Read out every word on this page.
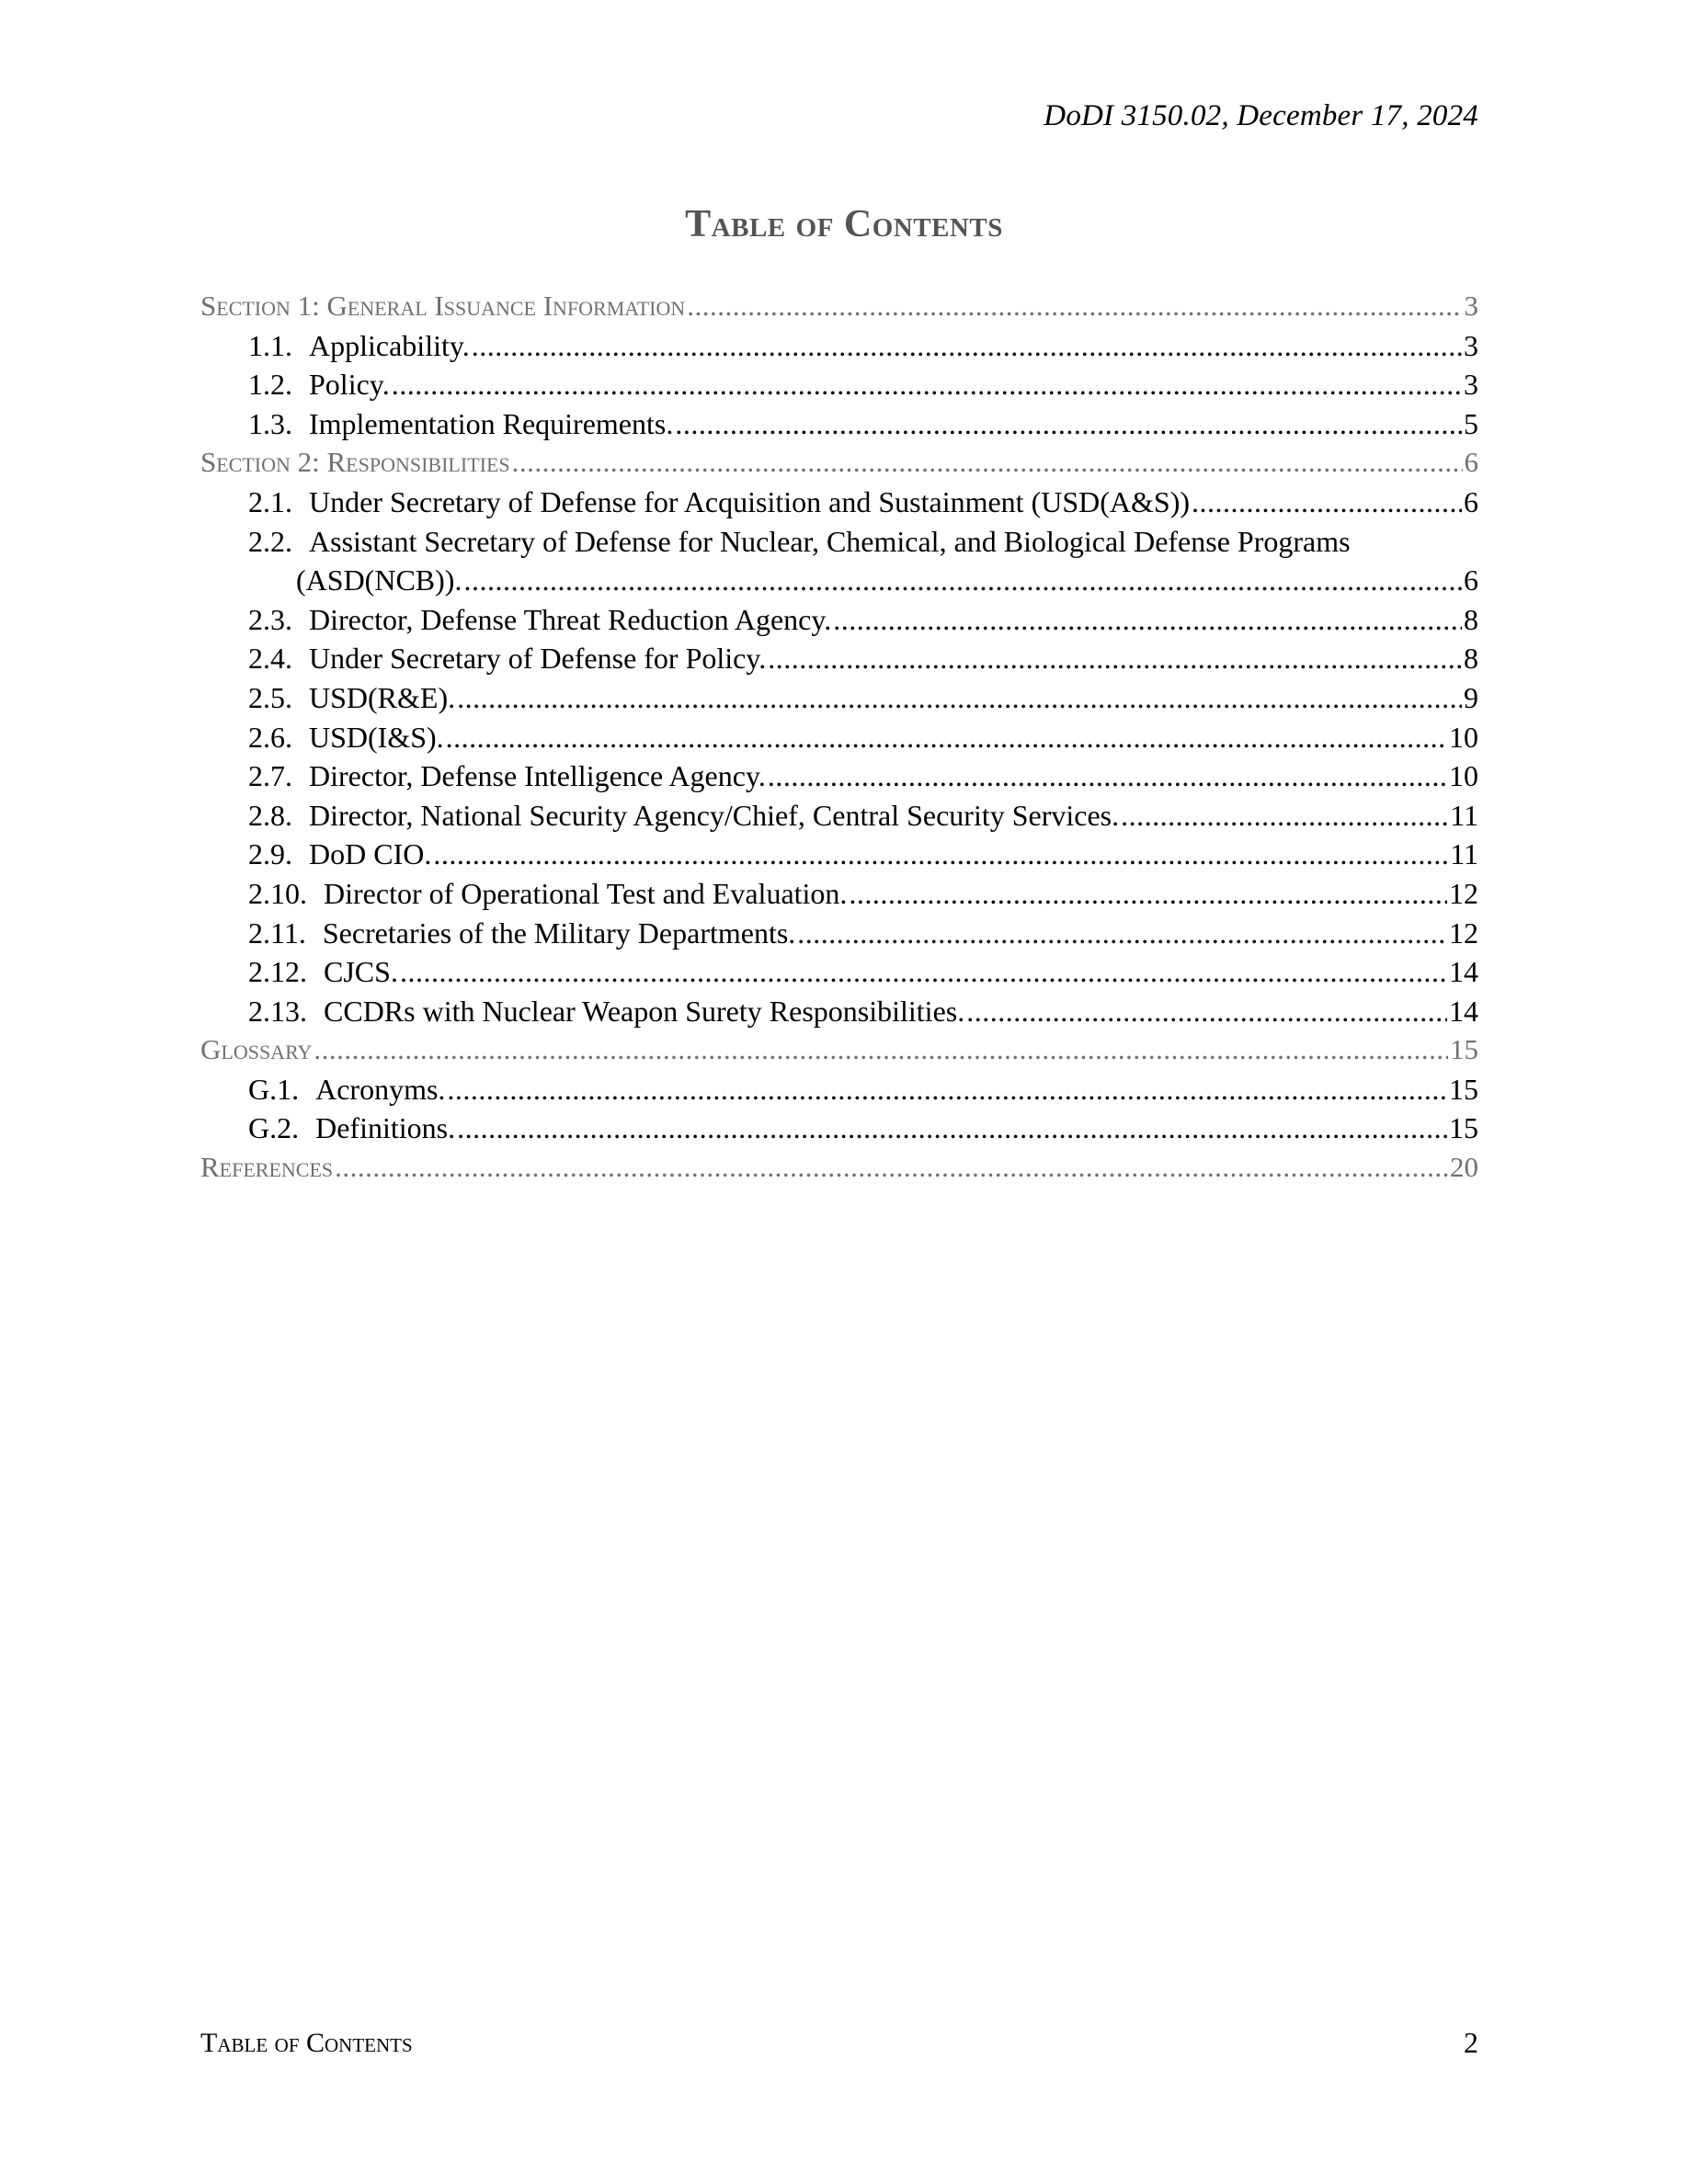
DoDI 3150.02, December 17, 2024
Table of Contents
Section 1: General Issuance Information .....	3
1.1. Applicability. .....	3
1.2. Policy. .....	3
1.3. Implementation Requirements. .....	5
Section 2: Responsibilities .....	6
2.1. Under Secretary of Defense for Acquisition and Sustainment (USD(A&S)) .....	6
2.2. Assistant Secretary of Defense for Nuclear, Chemical, and Biological Defense Programs
(ASD(NCB)). .....	6
2.3. Director, Defense Threat Reduction Agency. .....	8
2.4. Under Secretary of Defense for Policy. .....	8
2.5. USD(R&E). .....	9
2.6. USD(I&S). .....	10
2.7. Director, Defense Intelligence Agency. .....	10
2.8. Director, National Security Agency/Chief, Central Security Services. .....	11
2.9. DoD CIO. .....	11
2.10. Director of Operational Test and Evaluation. .....	12
2.11. Secretaries of the Military Departments. .....	12
2.12. CJCS. .....	14
2.13. CCDRs with Nuclear Weapon Surety Responsibilities. .....	14
Glossary .....	15
G.1. Acronyms. .....	15
G.2. Definitions. .....	15
References .....	20
Table of Contents	2
